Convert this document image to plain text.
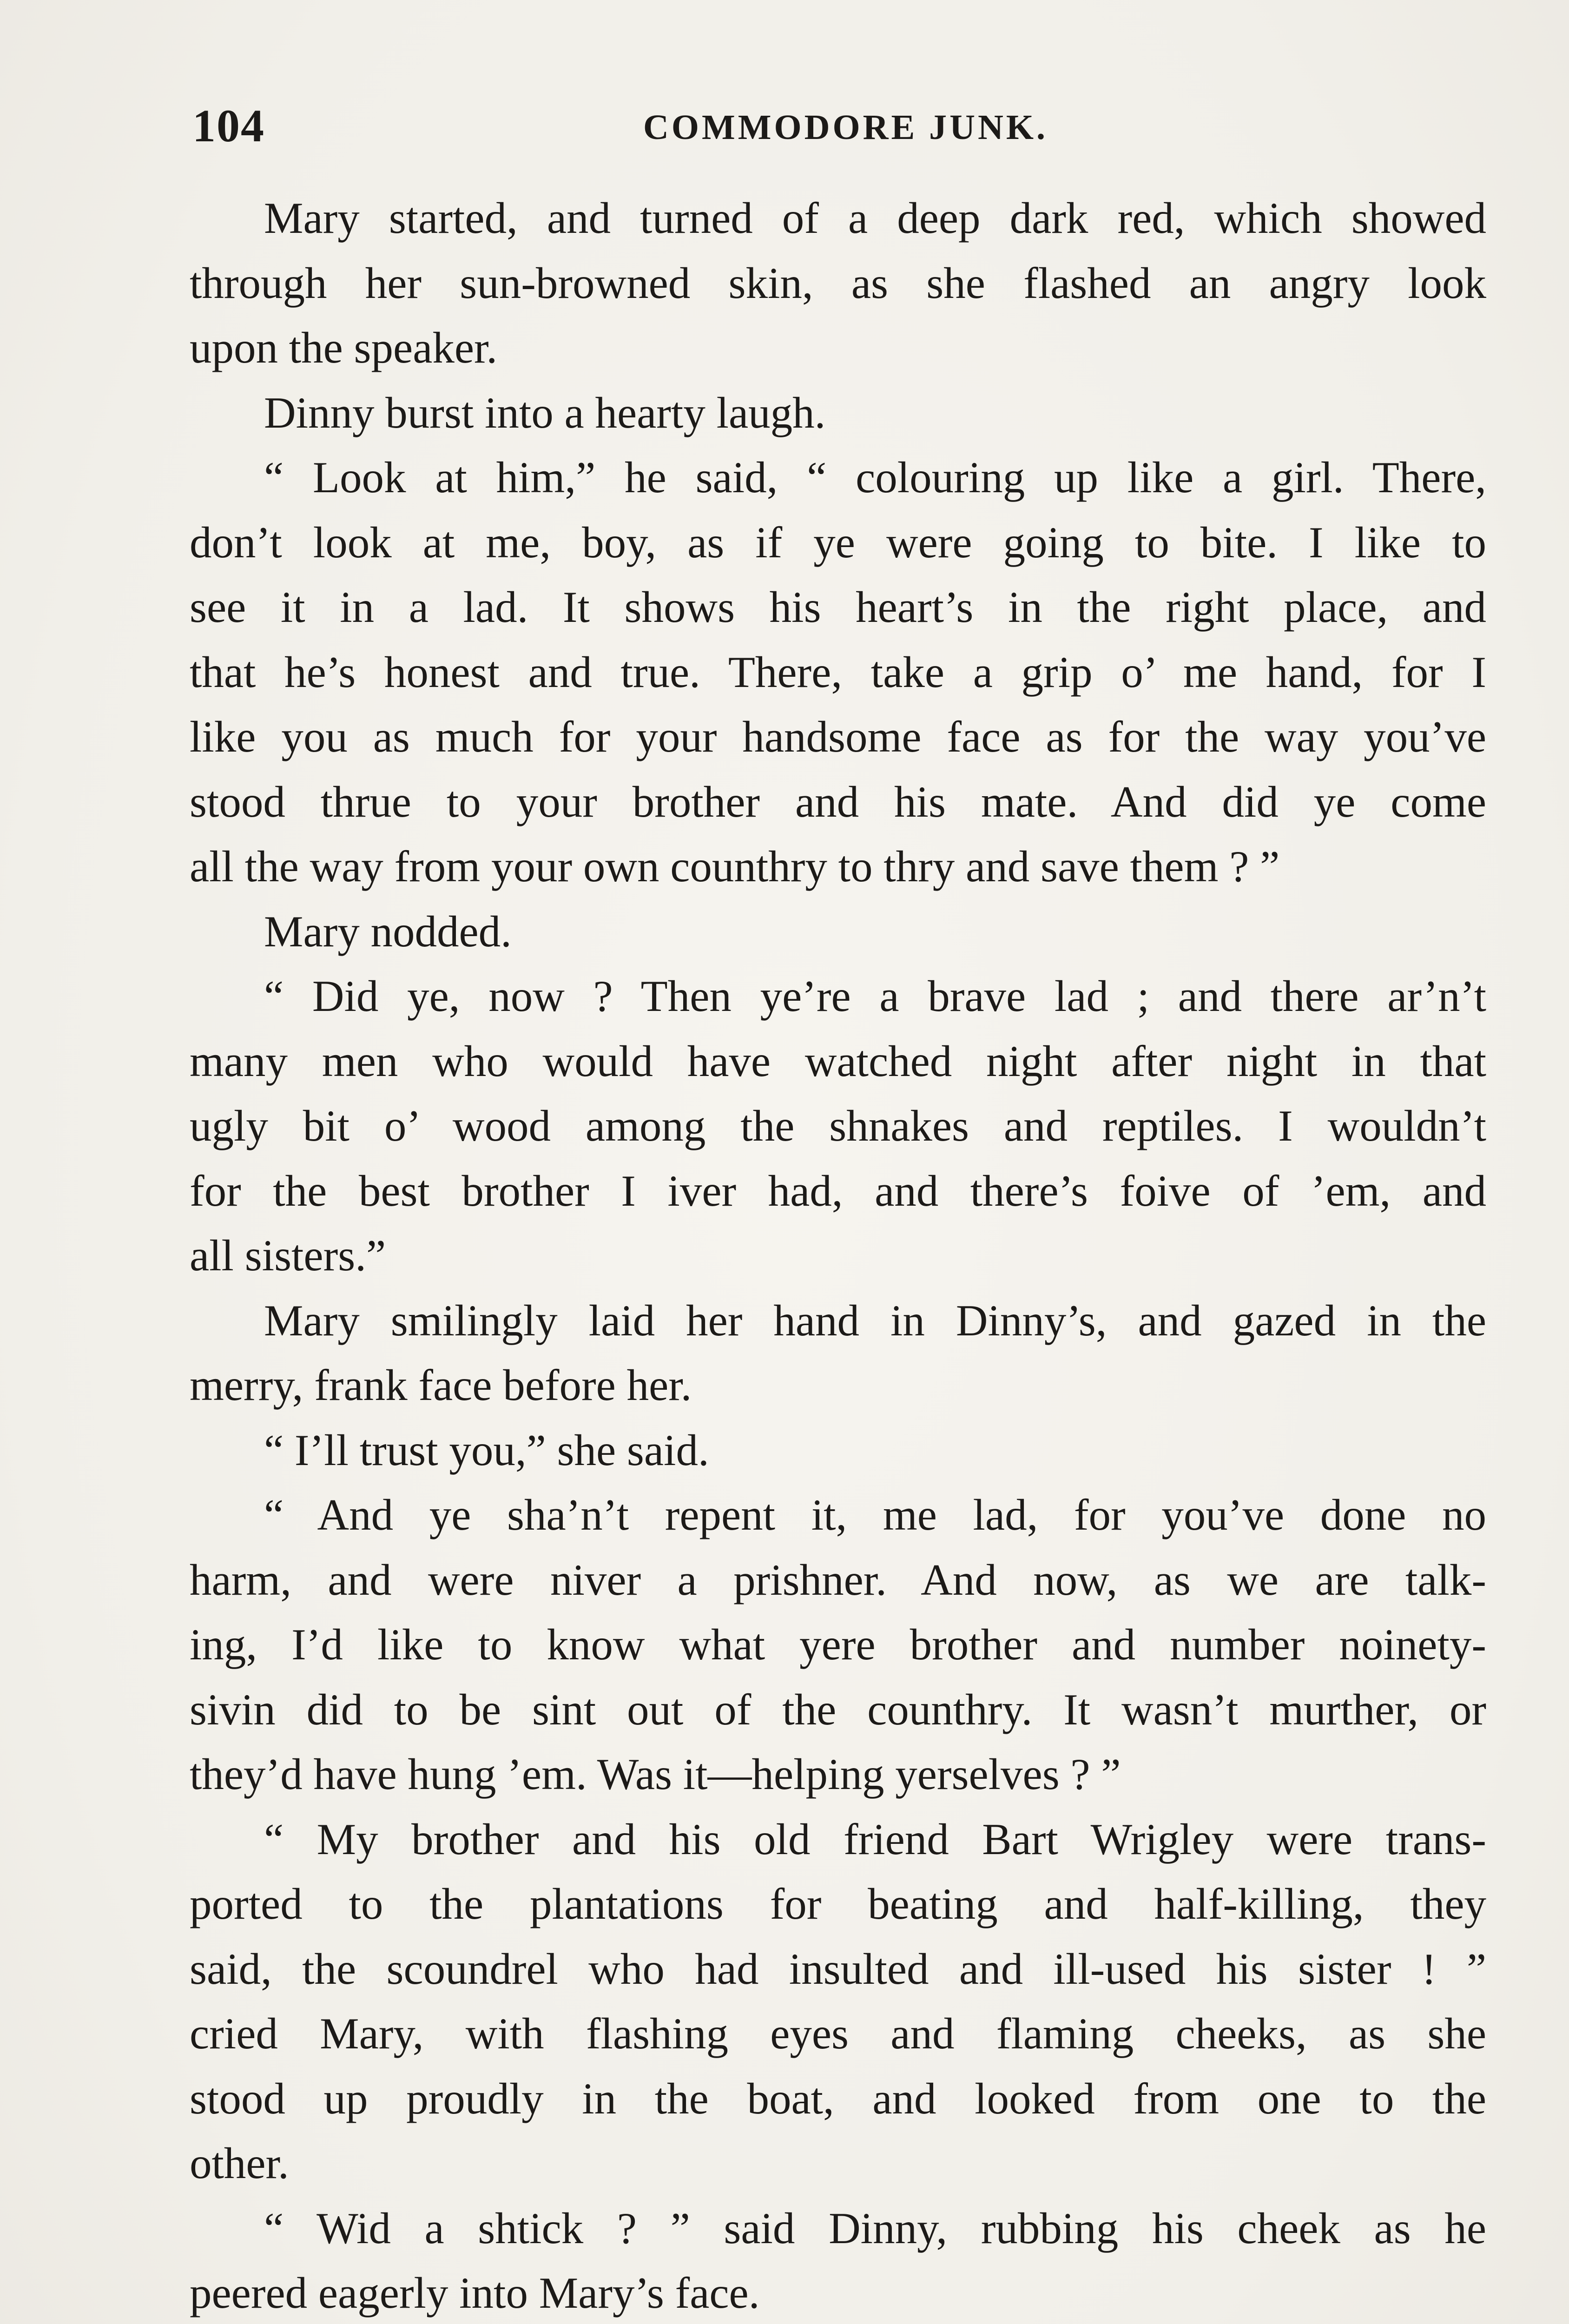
104	COMMODORE JUNK.
Mary started, and turned of a deep dark red, which showed
through her sun-browned skin, as she flashed an angry look
upon the speaker.
Dinny burst into a hearty laugh.
“ Look at him,” he said, “ colouring up like a girl. There,
don’t look at me, boy, as if ye were going to bite. I like to
see it in a lad. It shows his heart’s in the right place, and
that he’s honest and true. There, take a grip o’ me hand, for I
like you as much for your handsome face as for the way you’ve
stood thrue to your brother and his mate. And did ye come
all the way from your own counthry to thry and save them ? ”
Mary nodded.
“ Did ye, now ? Then ye’re a brave lad ; and there ar’n’t
many men who would have watched night after night in that
ugly bit o’ wood among the shnakes and reptiles. I wouldn’t
for the best brother I iver had, and there’s foive of ’em, and
all sisters.”
Mary smilingly laid her hand in Dinny’s, and gazed in the
merry, frank face before her.
“ I’ll trust you,” she said.
“ And ye sha’n’t repent it, me lad, for you’ve done no
harm, and were niver a prishner. And now, as we are talk-
ing, I’d like to know what yere brother and number noinety-
sivin did to be sint out of the counthry. It wasn’t murther, or
they’d have hung ’em. Was it—helping yerselves ? ”
“ My brother and his old friend Bart Wrigley were trans-
ported to the plantations for beating and half-killing, they
said, the scoundrel who had insulted and ill-used his sister ! ”
cried Mary, with flashing eyes and flaming cheeks, as she
stood up proudly in the boat, and looked from one to the
other.
“ Wid a shtick ? ” said Dinny, rubbing his cheek as he
peered eagerly into Mary’s face.
